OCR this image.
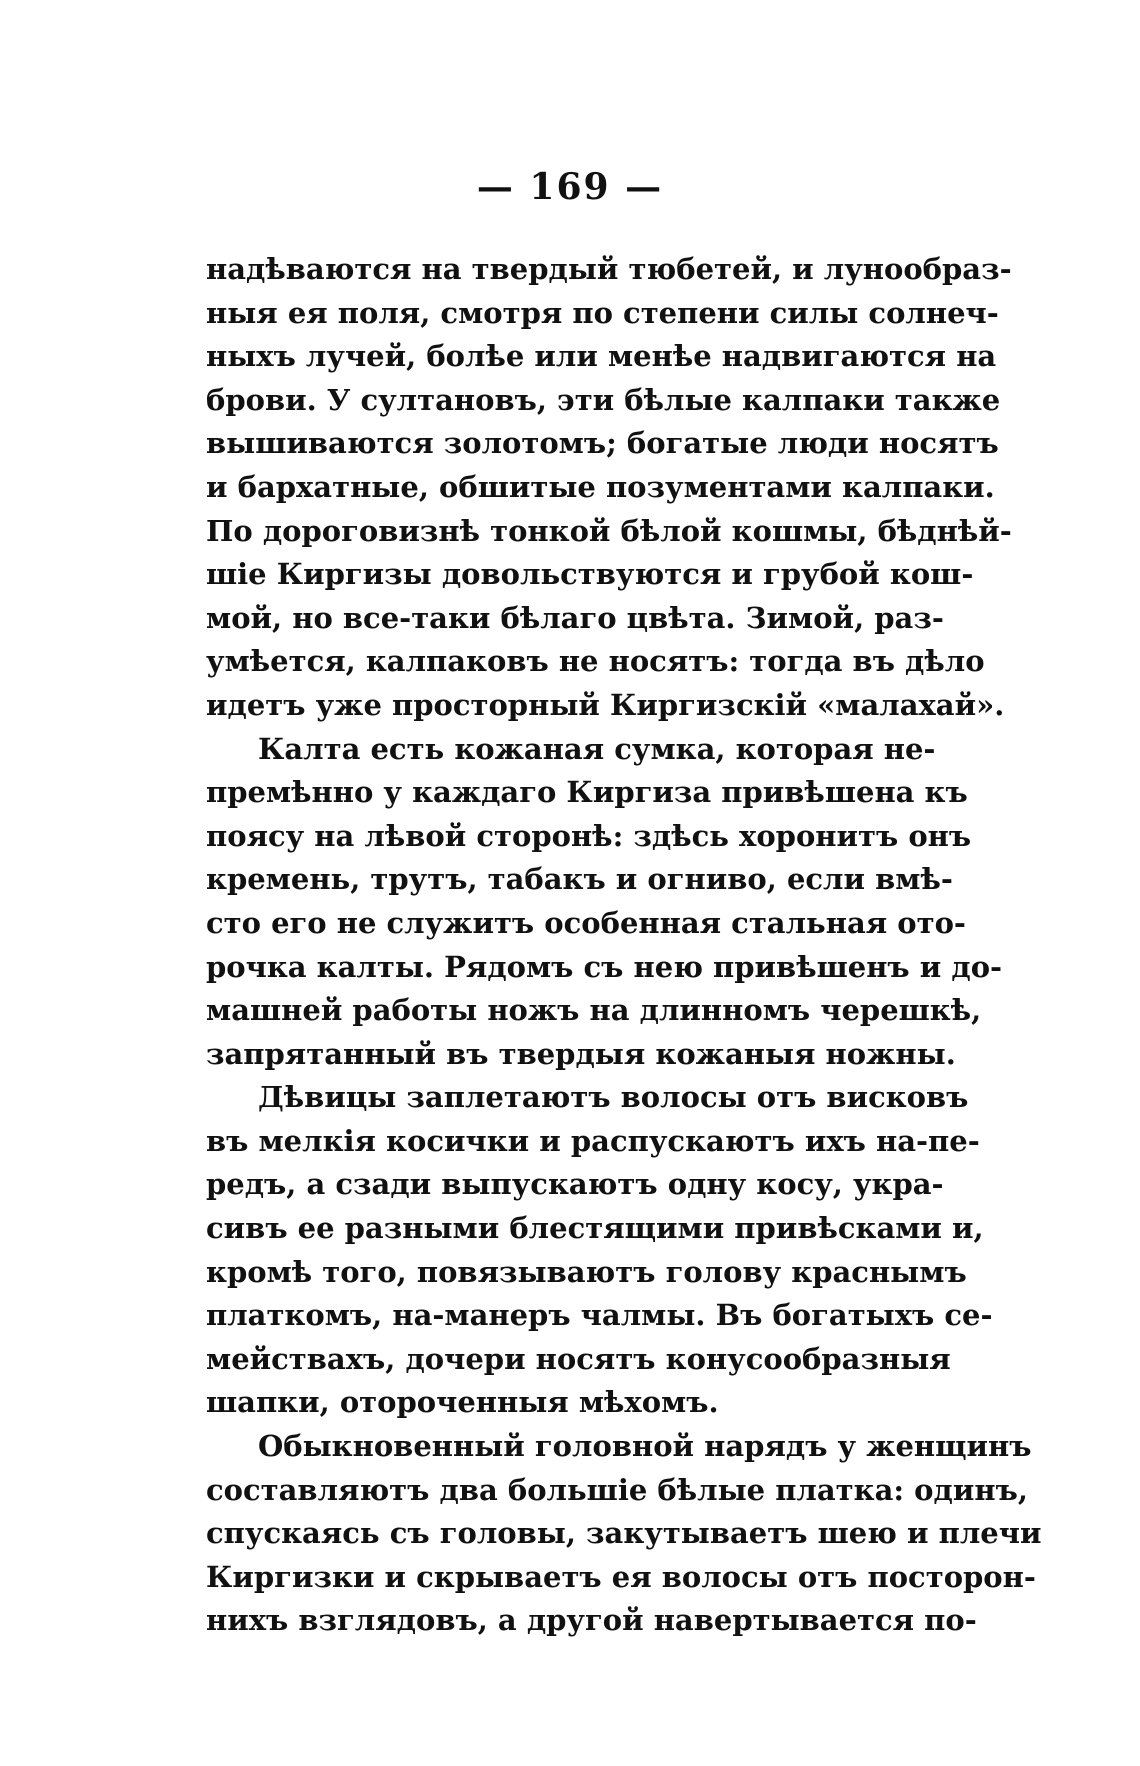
— 169 —
надѣваются на твердый тюбетей, и лунообраз-
ныя ея поля, смотря по степени силы солнеч-
ныхъ лучей, болѣе или менѣе надвигаются на
брови. У султановъ, эти бѣлые калпаки также
вышиваются золотомъ; богатые люди носятъ
и бархатные, обшитые позументами калпаки.
По дороговизнѣ тонкой бѣлой кошмы, бѣднѣй-
шіе Киргизы довольствуются и грубой кош-
мой, но все-таки бѣлаго цвѣта. Зимой, раз-
умѣется, калпаковъ не носятъ: тогда въ дѣло
идетъ уже просторный Киргизскій «малахай».
Калта есть кожаная сумка, которая не-
премѣнно у каждаго Киргиза привѣшена къ
поясу на лѣвой сторонѣ: здѣсь хоронитъ онъ
кремень, трутъ, табакъ и огниво, если вмѣ-
сто его не служитъ особенная стальная ото-
рочка калты. Рядомъ съ нею привѣшенъ и до-
машней работы ножъ на длинномъ черешкѣ,
запрятанный въ твердыя кожаныя ножны.
Дѣвицы заплетаютъ волосы отъ висковъ
въ мелкія косички и распускаютъ ихъ на-пе-
редъ, а сзади выпускаютъ одну косу, укра-
сивъ ее разными блестящими привѣсками и,
кромѣ того, повязываютъ голову краснымъ
платкомъ, на-манеръ чалмы. Въ богатыхъ се-
мействахъ, дочери носятъ конусообразныя
шапки, отороченныя мѣхомъ.
Обыкновенный головной нарядъ у женщинъ
составляютъ два большіе бѣлые платка: одинъ,
спускаясь съ головы, закутываетъ шею и плечи
Киргизки и скрываетъ ея волосы отъ посторон-
нихъ взглядовъ, а другой навертывается по-
